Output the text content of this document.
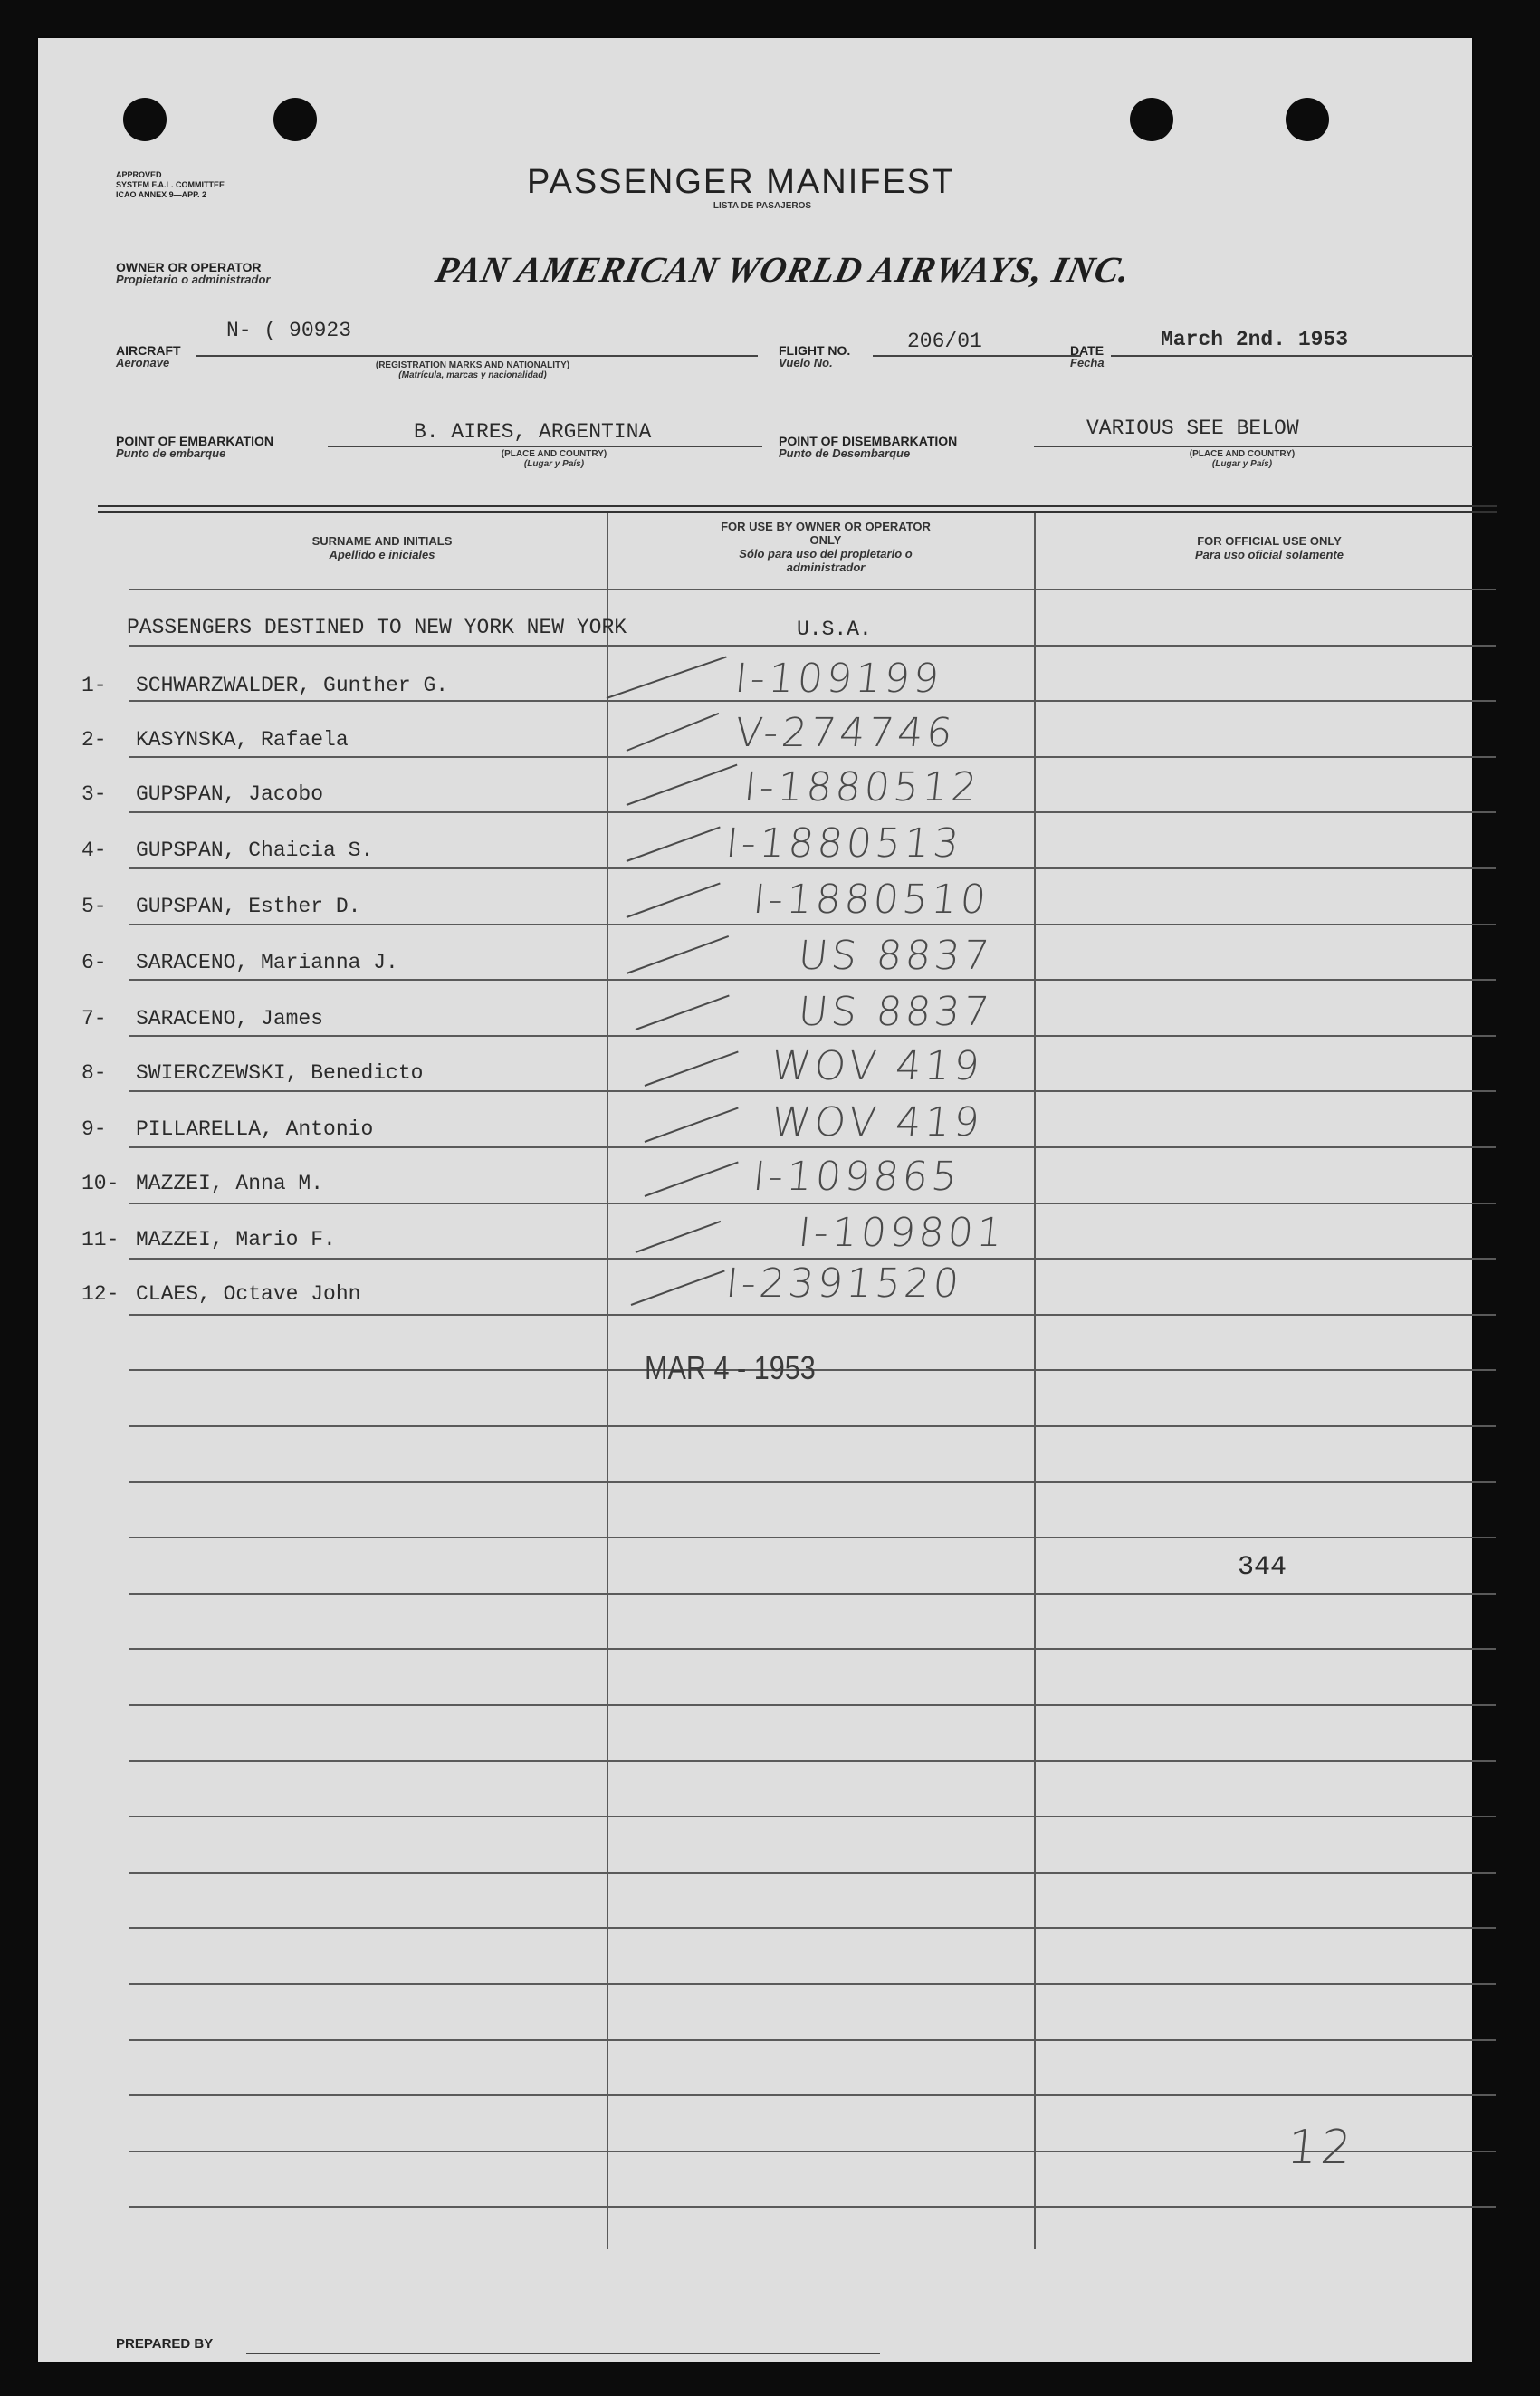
APPROVED
SYSTEM F.A.L. COMMITTEE
ICAO ANNEX 9—APP. 2	PASSENGER MANIFEST
LISTA DE PASAJEROS
OWNER OR OPERATOR
Propietario o administrador	PAN AMERICAN WORLD AIRWAYS, INC.
AIRCRAFT
Aeronave
N- ( 90923
(REGISTRATION MARKS AND NATIONALITY)
(Matrícula, marcas y nacionalidad)
FLIGHT NO.
Vuelo No.
206/01	DATE
Fecha
March 2nd. 1953
POINT OF EMBARKATION
Punto de embarque
B. AIRES, ARGENTINA
(PLACE AND COUNTRY)
(Lugar y País)
POINT OF DISEMBARKATION
Punto de Desembarque
VARIOUS SEE BELOW
(PLACE AND COUNTRY)
(Lugar y País)
SURNAME AND INITIALS
Apellido e iniciales
FOR USE BY OWNER OR OPERATOR ONLY
Sólo para uso del propietario o administrador
FOR OFFICIAL USE ONLY
Para uso oficial solamente
PASSENGERS DESTINED TO NEW YORK NEW YORK	U.S.A.
1- SCHWARZWALDER, Gunther G.	I-109199
2- KASYNSKA, Rafaela	V-274746
3- GUPSPAN, Jacobo	I-1880512
4- GUPSPAN, Chaicia S.	I-1880513
5- GUPSPAN, Esther D.	I-1880510
6- SARACENO, Marianna J.	US 8837
7- SARACENO, James	US 8837
8- SWIERCZEWSKI, Benedicto	WOV 419
9- PILLARELLA, Antonio	WOV 419
10- MAZZEI, Anna M.	I-109865
11- MAZZEI, Mario F.	I-109801
12- CLAES, Octave John	I-2391520
MAR 4 - 1953
344
12
PREPARED BY
